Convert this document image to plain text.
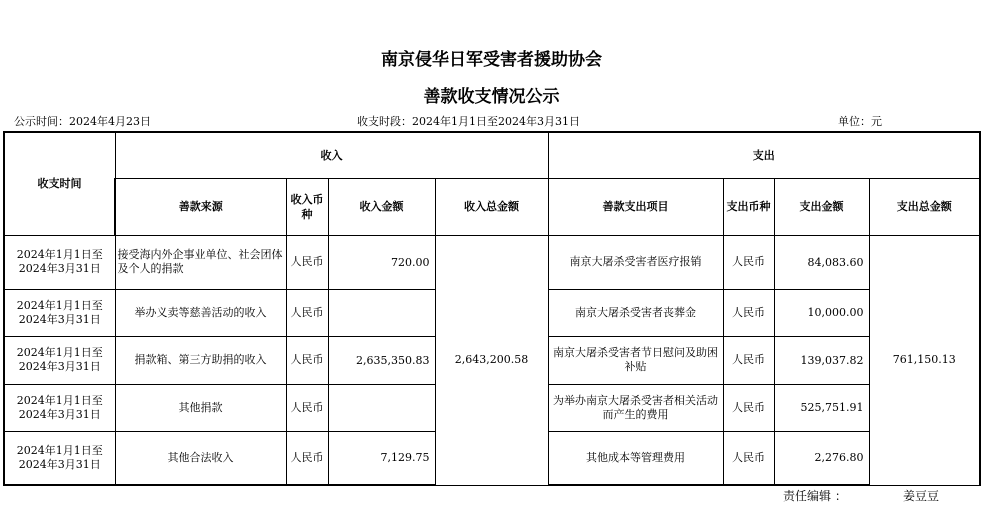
南京侵华日军受害者援助协会
善款收支情况公示
公示时间：2024年4月23日	收支时段：2024年1月1日至2024年3月31日	单位：元
收支时间	收入				支出			
	善款来源	收入币种	收入金额	收入总金额	善款支出项目	支出币种	支出金额	支出总金额
2024年1月1日至2024年3月31日	接受海内外企事业单位、社会团体及个人的捐款	人民币	720.00	2,643,200.58	南京大屠杀受害者医疗报销	人民币	84,083.60	761,150.13
2024年1月1日至2024年3月31日	举办义卖等慈善活动的收入	人民币			南京大屠杀受害者丧葬金	人民币	10,000.00	
2024年1月1日至2024年3月31日	捐款箱、第三方助捐的收入	人民币	2,635,350.83		南京大屠杀受害者节日慰问及助困补贴	人民币	139,037.82	
2024年1月1日至2024年3月31日	其他捐款	人民币			为举办南京大屠杀受害者相关活动而产生的费用	人民币	525,751.91	
2024年1月1日至2024年3月31日	其他合法收入	人民币	7,129.75		其他成本等管理费用	人民币	2,276.80	
责任编辑 ：	姜豆豆
